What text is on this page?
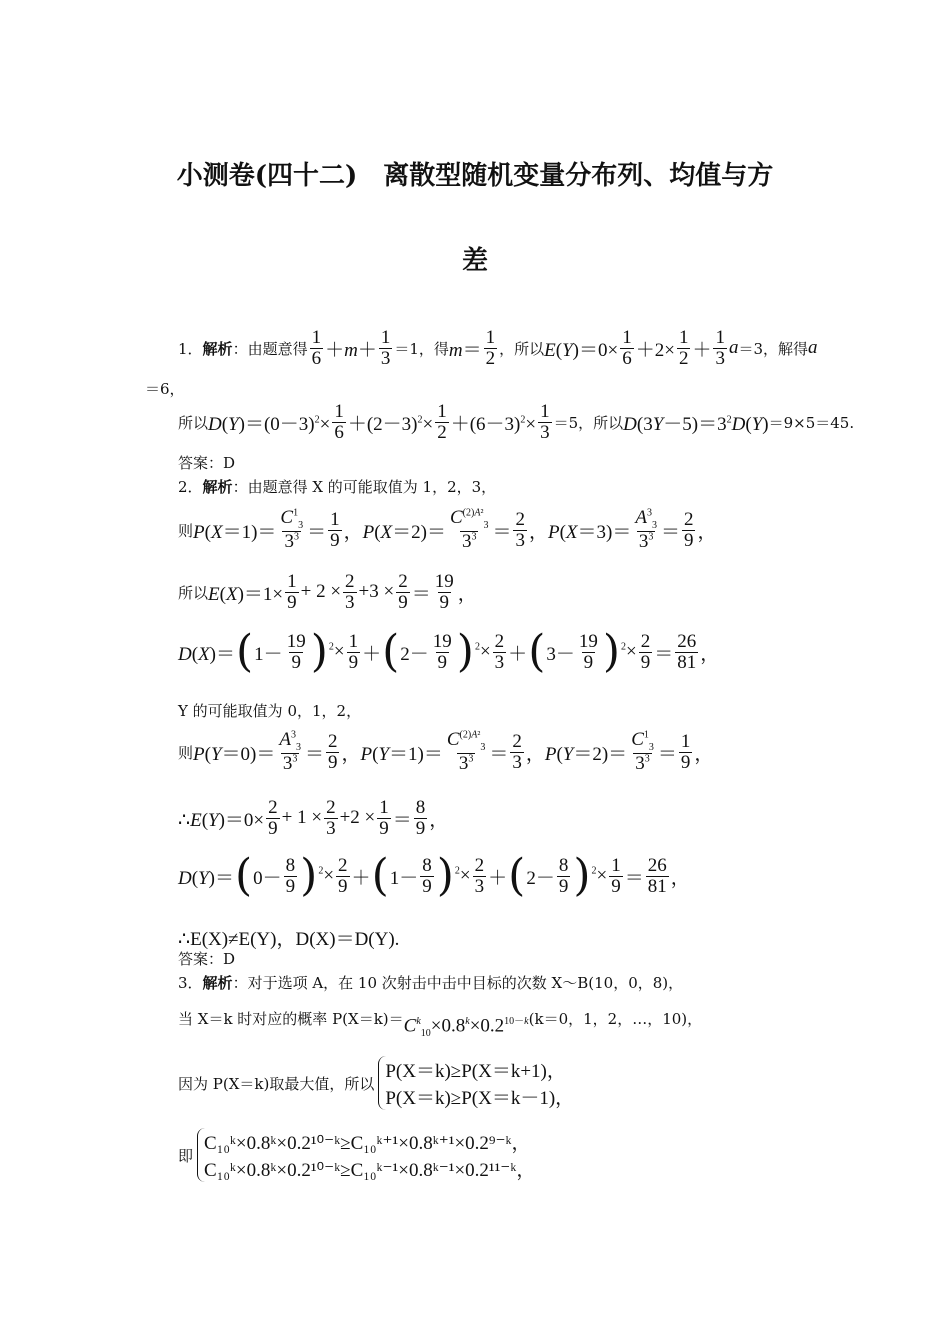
小测卷(四十二)　离散型随机变量分布列、均值与方
差
1． 解析 ：由题意得 $\frac{1}{6} +m+ \frac{1}{3} =1$，得 $m= \frac{1}{2}$ ，所以 $E(Y)=0\times \frac{1}{6} +2\times \frac{1}{2} + \frac{1}{3}$ a ＝3，解得 a
＝6，
所以 $D(Y)=(0-3)^2\times \frac{1}{6} +(2-3)^2\times \frac{1}{2} +(6-3)^2\times \frac{1}{3} =5$，所以 $D(3Y-5)=3^2D(Y) =9\times 5=45$.
答案：D
2． 解析 ：由题意得 X 的可能取值为 1，2，3，
则 $P(X=1)= \frac{C^1_3}{3^3} = \frac{1}{9}$ ，$P(X=2)= \frac{C^{(2)A^2}_3}{3^3} = \frac{2}{3}$ ，$P(X=3)= \frac{A^3_3}{3^3} = \frac{2}{9}$ ，
所以 $E(X)=1\times \frac{1}{9} + 2 \times \frac{2}{3} +3 \times \frac{2}{9} = \frac{19}{9}$ ，
D(X)＝ ( $1- \frac{19}{9}$ ) $^2\times \frac{1}{9}$ ＋ ( $2- \frac{19}{9}$ ) $^2\times \frac{2}{3}$ ＋ ( $3- \frac{19}{9}$ ) $^2\times \frac{2}{9} = \frac{26}{81}$ ，
Y 的可能取值为 0，1，2，
则 $P(Y=0)= \frac{A^3_3}{3^3} = \frac{2}{9}$ ，$P(Y=1)= \frac{C^{(2)A^2}_3}{3^3} = \frac{2}{3}$ ，$P(Y=2)= \frac{C^1_3}{3^3} = \frac{1}{9}$ ，
∴E(Y)＝0× $\frac{2}{9} + 1 \times \frac{2}{3} +2 \times \frac{1}{9} = \frac{8}{9}$ ，
D(Y)＝ ( $0- \frac{8}{9}$ ) $^2\times \frac{2}{9}$ ＋ ( $1- \frac{8}{9}$ ) $^2\times \frac{2}{3}$ ＋ ( $2- \frac{8}{9}$ ) $^2\times \frac{1}{9} = \frac{26}{81}$ ，
∴E(X)≠E(Y)，D(X)＝D(Y).
答案：D
3． 解析 ：对于选项 A，在 10 次射击中击中目标的次数 X～B(10，0，8)，
当 X＝k 时对应的概率 $P(X=k)= C^k_{10}\times 0.8^k\times 0.2^{10-k}$ (k＝0，1，2，…，10)，
因为 P(X＝k)取最大值，所以
P(X＝k)≥P(X＝k+1)，
P(X＝k)≥P(X＝k－1)，
即
C₁₀ᵏ×0.8ᵏ×0.2¹⁰⁻ᵏ≥C₁₀ᵏ⁺¹×0.8ᵏ⁺¹×0.2⁹⁻ᵏ，
C₁₀ᵏ×0.8ᵏ×0.2¹⁰⁻ᵏ≥C₁₀ᵏ⁻¹×0.8ᵏ⁻¹×0.2¹¹⁻ᵏ，
